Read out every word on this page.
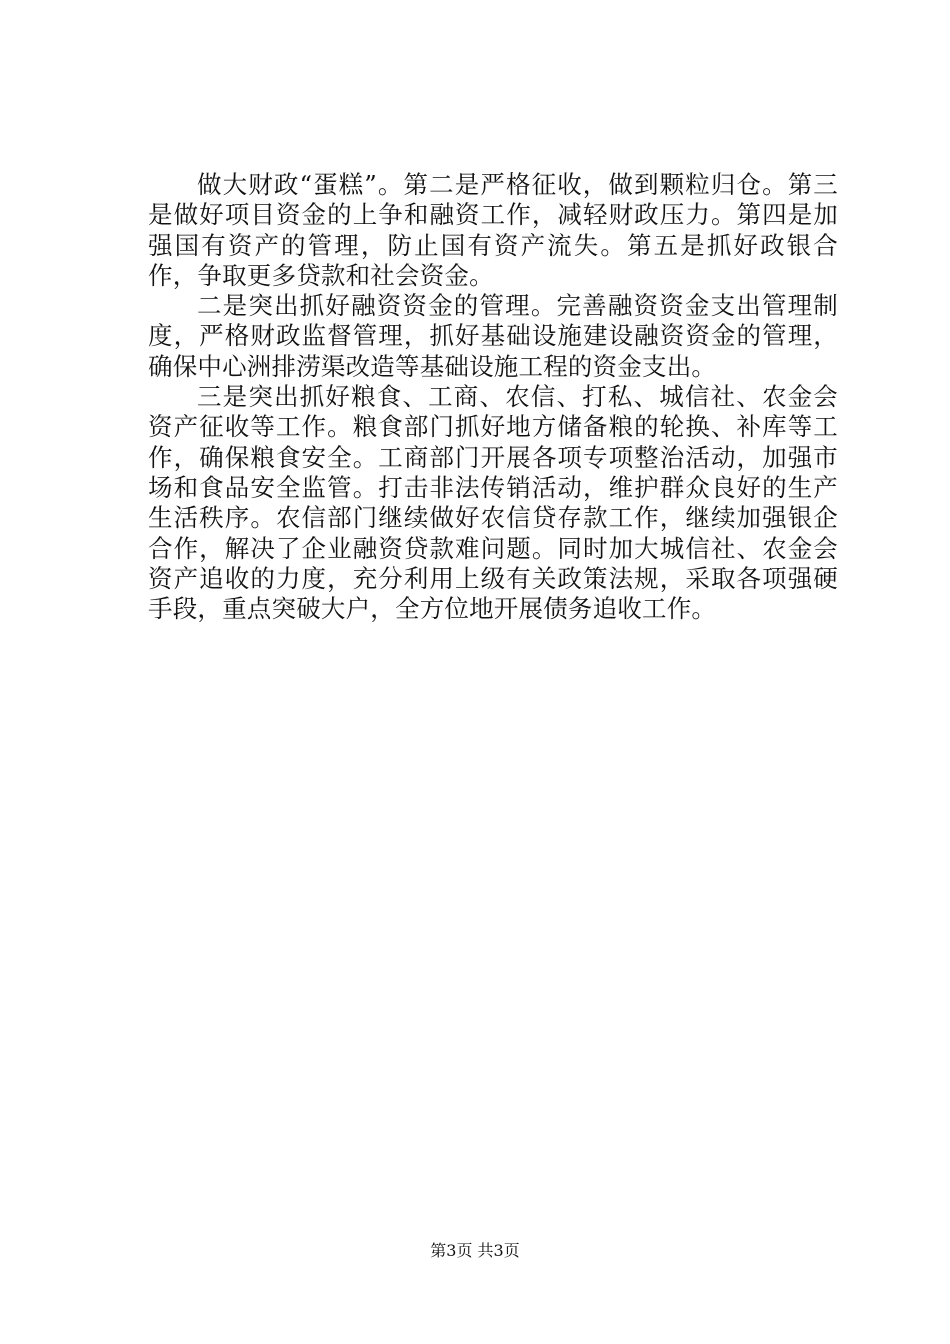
做大财政“蛋糕”。第二是严格征收，做到颗粒归仓。第三是做好项目资金的上争和融资工作，减轻财政压力。第四是加强国有资产的管理，防止国有资产流失。第五是抓好政银合作，争取更多贷款和社会资金。

二是突出抓好融资资金的管理。完善融资资金支出管理制度，严格财政监督管理，抓好基础设施建设融资资金的管理，确保中心洲排涝渠改造等基础设施工程的资金支出。

三是突出抓好粮食、工商、农信、打私、城信社、农金会资产征收等工作。粮食部门抓好地方储备粮的轮换、补库等工作，确保粮食安全。工商部门开展各项专项整治活动，加强市场和食品安全监管。打击非法传销活动，维护群众良好的生产生活秩序。农信部门继续做好农信贷存款工作，继续加强银企合作，解决了企业融资贷款难问题。同时加大城信社、农金会资产追收的力度，充分利用上级有关政策法规，采取各项强硬手段，重点突破大户，全方位地开展债务追收工作。

第3页 共3页
